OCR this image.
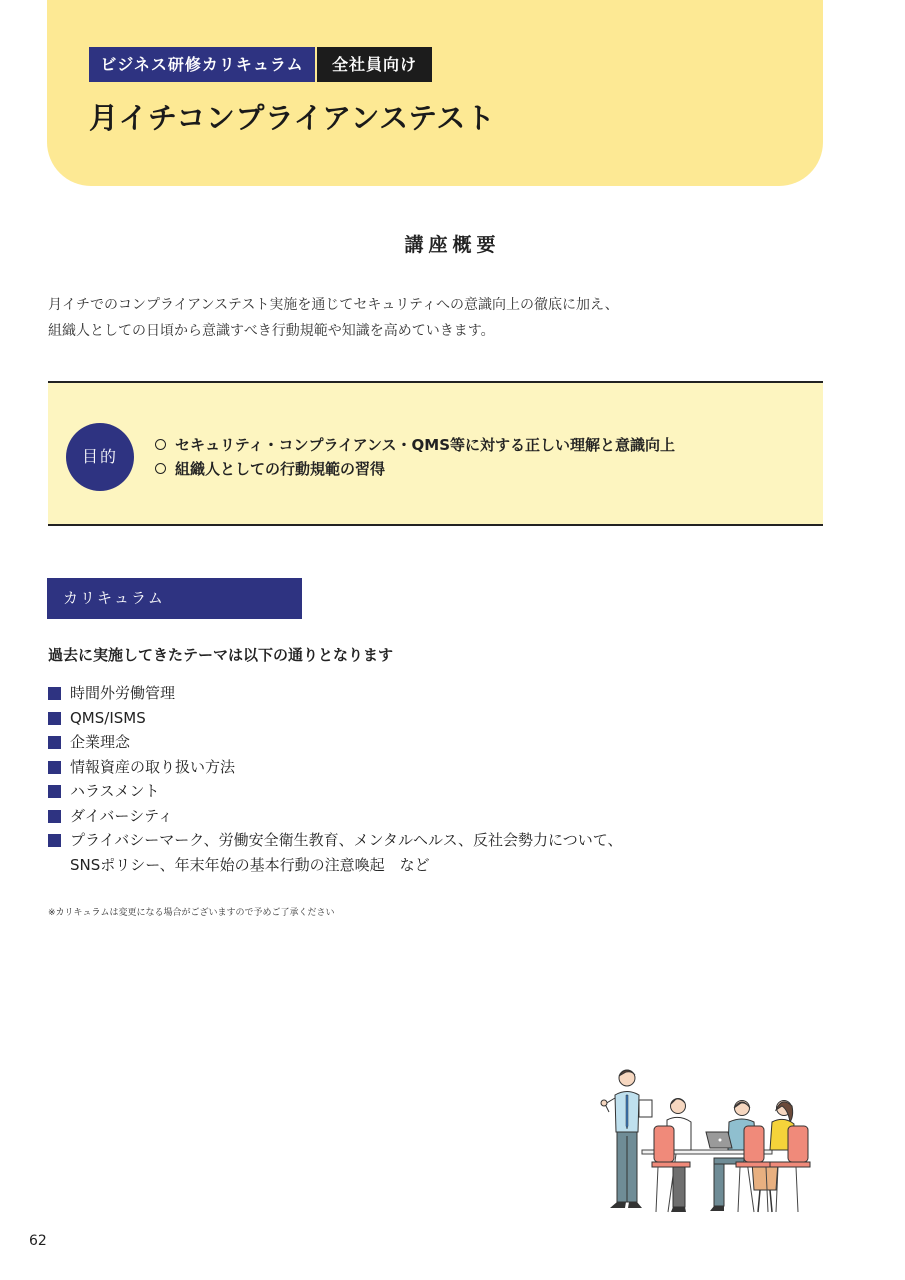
ビジネス研修カリキュラム	全社員向け
月イチコンプライアンステスト
講座概要

月イチでのコンプライアンステスト実施を通じてセキュリティへの意識向上の徹底に加え、

組織人としての日頃から意識すべき行動規範や知識を高めていきます。

目的
セキュリティ・コンプライアンス・QMS等に対する正しい理解と意識向上
組織人としての行動規範の習得
カリキュラム
過去に実施してきたテーマは以下の通りとなります
時間外労働管理
QMS/ISMS
企業理念
情報資産の取り扱い方法
ハラスメント
ダイバーシティ
プライバシーマーク、労働安全衛生教育、メンタルヘルス、反社会勢力について、
SNSポリシー、年末年始の基本行動の注意喚起　など
※カリキュラムは変更になる場合がございますので予めご了承ください
62
